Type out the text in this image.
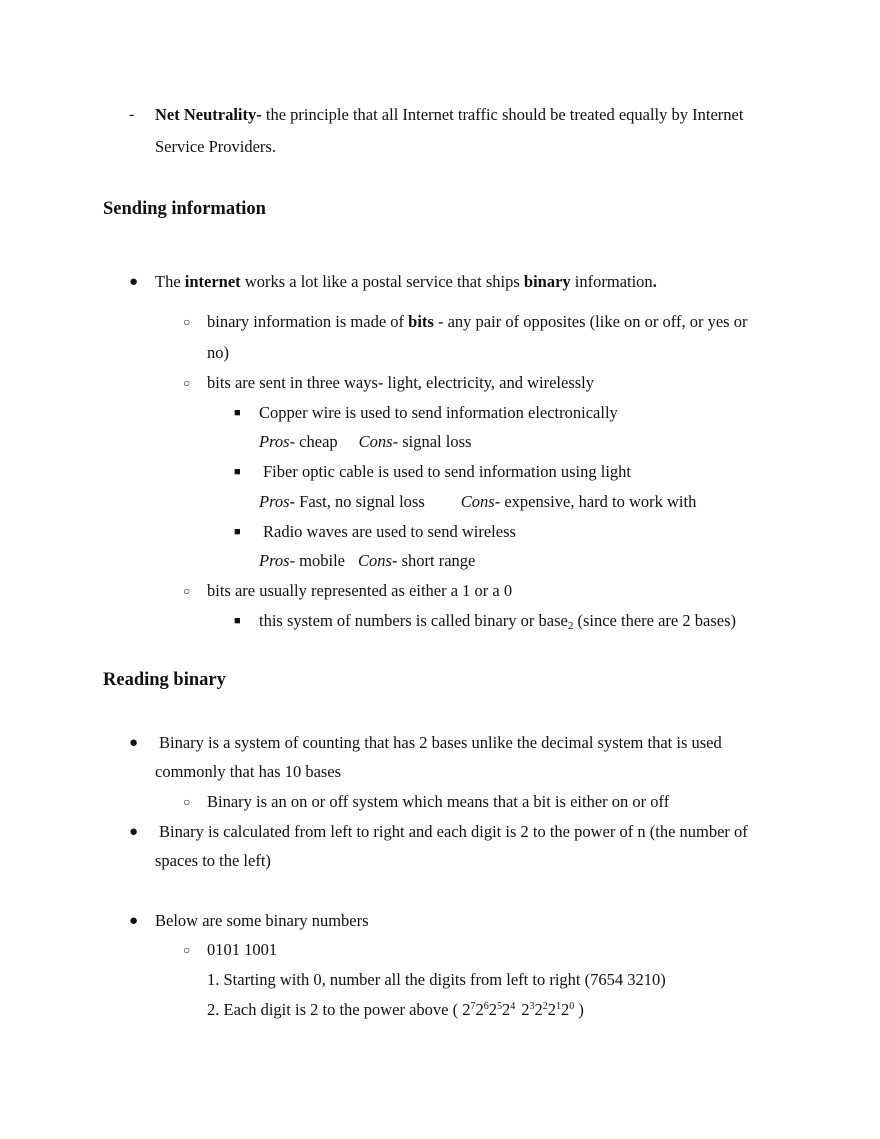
- Net Neutrality- the principle that all Internet traffic should be treated equally by Internet
Service Providers.
Sending information
● The internet works a lot like a postal service that ships binary information.
○ binary information is made of bits - any pair of opposites (like on or off, or yes or
no)
○ bits are sent in three ways- light, electricity, and wirelessly
■ Copper wire is used to send information electronically
Pros- cheap Cons- signal loss
■ Fiber optic cable is used to send information using light
Pros- Fast, no signal loss Cons- expensive, hard to work with
■ Radio waves are used to send wireless
Pros- mobile Cons- short range
○ bits are usually represented as either a 1 or a 0
■ this system of numbers is called binary or base$_2$ (since there are 2 bases)
Reading binary
● Binary is a system of counting that has 2 bases unlike the decimal system that is used
commonly that has 10 bases
○ Binary is an on or off system which means that a bit is either on or off
● Binary is calculated from left to right and each digit is 2 to the power of n (the number of
spaces to the left)
● Below are some binary numbers
○ 0101 1001
1. Starting with 0, number all the digits from left to right (7654 3210)
2. Each digit is 2 to the power above ( $2^72^62^52^4$ $2^32^22^12^0$ )
